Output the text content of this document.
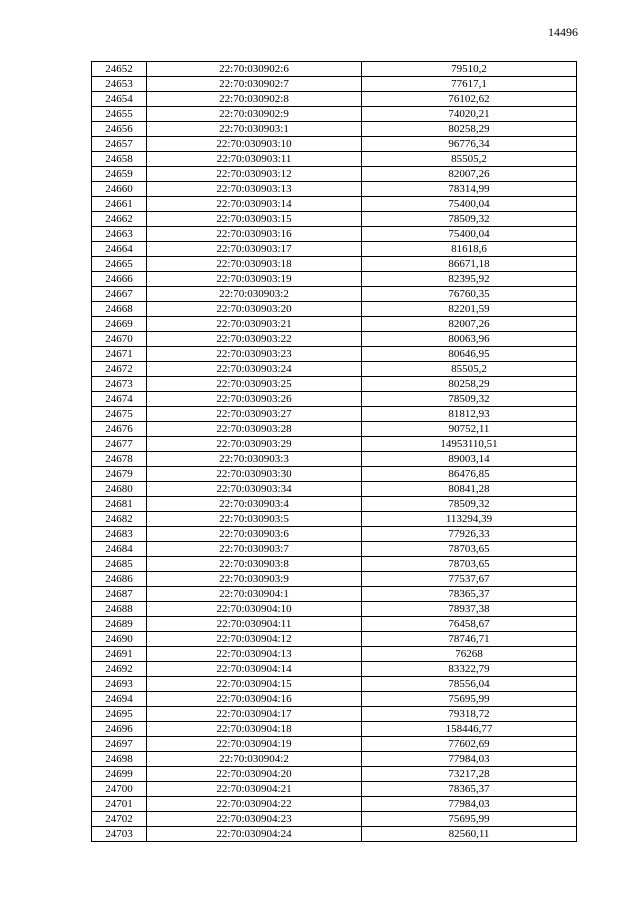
14496
24652	22:70:030902:6	79510,2
24653	22:70:030902:7	77617,1
24654	22:70:030902:8	76102,62
24655	22:70:030902:9	74020,21
24656	22:70:030903:1	80258,29
24657	22:70:030903:10	96776,34
24658	22:70:030903:11	85505,2
24659	22:70:030903:12	82007,26
24660	22:70:030903:13	78314,99
24661	22:70:030903:14	75400,04
24662	22:70:030903:15	78509,32
24663	22:70:030903:16	75400,04
24664	22:70:030903:17	81618,6
24665	22:70:030903:18	86671,18
24666	22:70:030903:19	82395,92
24667	22:70:030903:2	76760,35
24668	22:70:030903:20	82201,59
24669	22:70:030903:21	82007,26
24670	22:70:030903:22	80063,96
24671	22:70:030903:23	80646,95
24672	22:70:030903:24	85505,2
24673	22:70:030903:25	80258,29
24674	22:70:030903:26	78509,32
24675	22:70:030903:27	81812,93
24676	22:70:030903:28	90752,11
24677	22:70:030903:29	14953110,51
24678	22:70:030903:3	89003,14
24679	22:70:030903:30	86476,85
24680	22:70:030903:34	80841,28
24681	22:70:030903:4	78509,32
24682	22:70:030903:5	113294,39
24683	22:70:030903:6	77926,33
24684	22:70:030903:7	78703,65
24685	22:70:030903:8	78703,65
24686	22:70:030903:9	77537,67
24687	22:70:030904:1	78365,37
24688	22:70:030904:10	78937,38
24689	22:70:030904:11	76458,67
24690	22:70:030904:12	78746,71
24691	22:70:030904:13	76268
24692	22:70:030904:14	83322,79
24693	22:70:030904:15	78556,04
24694	22:70:030904:16	75695,99
24695	22:70:030904:17	79318,72
24696	22:70:030904:18	158446,77
24697	22:70:030904:19	77602,69
24698	22:70:030904:2	77984,03
24699	22:70:030904:20	73217,28
24700	22:70:030904:21	78365,37
24701	22:70:030904:22	77984,03
24702	22:70:030904:23	75695,99
24703	22:70:030904:24	82560,11
